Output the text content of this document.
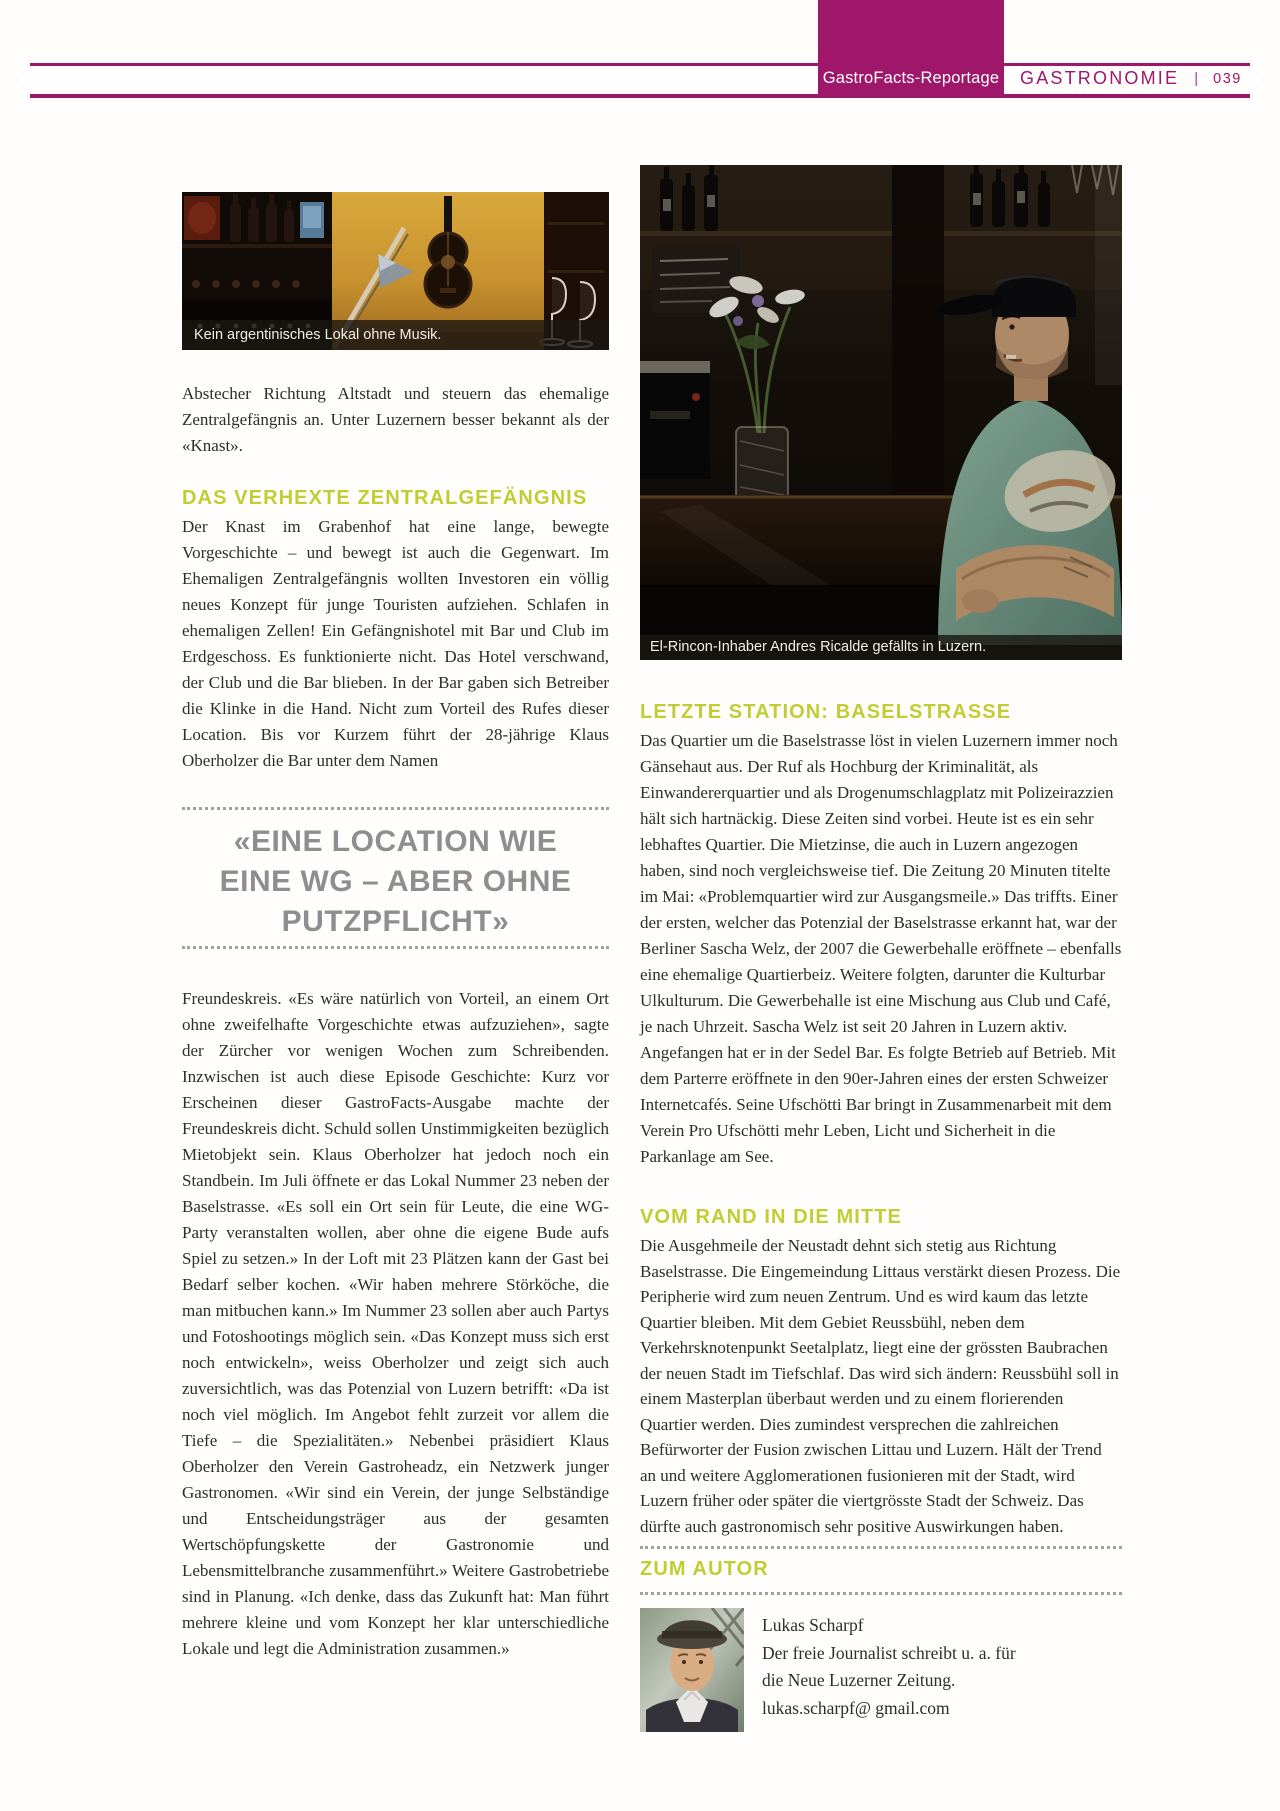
GastroFacts-Reportage GASTRONOMIE | 039
Kein argentinisches Lokal ohne Musik.
Abstecher Richtung Altstadt und steuern das ehemalige Zentralgefängnis an. Unter Luzernern besser bekannt als der «Knast».
DAS VERHEXTE ZENTRALGEFÄNGNIS
Der Knast im Grabenhof hat eine lange, bewegte Vorgeschichte – und bewegt ist auch die Gegenwart. Im Ehemaligen Zentralgefängnis wollten Investoren ein völlig neues Konzept für junge Touristen aufziehen. Schlafen in ehemaligen Zellen! Ein Gefängnishotel mit Bar und Club im Erdgeschoss. Es funktionierte nicht. Das Hotel verschwand, der Club und die Bar blieben. In der Bar gaben sich Betreiber die Klinke in die Hand. Nicht zum Vorteil des Rufes dieser Location. Bis vor Kurzem führt der 28-jährige Klaus Oberholzer die Bar unter dem Namen
«EINE LOCATION WIE
EINE WG – ABER OHNE
PUTZPFLICHT»
Freundeskreis. «Es wäre natürlich von Vorteil, an einem Ort ohne zweifelhafte Vorgeschichte etwas aufzuziehen», sagte der Zürcher vor wenigen Wochen zum Schreibenden. Inzwischen ist auch diese Episode Geschichte: Kurz vor Erscheinen dieser GastroFacts-Ausgabe machte der Freundeskreis dicht. Schuld sollen Unstimmigkeiten bezüglich Mietobjekt sein. Klaus Oberholzer hat jedoch noch ein Standbein. Im Juli öffnete er das Lokal Nummer 23 neben der Baselstrasse. «Es soll ein Ort sein für Leute, die eine WG-Party veranstalten wollen, aber ohne die eigene Bude aufs Spiel zu setzen.» In der Loft mit 23 Plätzen kann der Gast bei Bedarf selber kochen. «Wir haben mehrere Störköche, die man mitbuchen kann.» Im Nummer 23 sollen aber auch Partys und Fotoshootings möglich sein. «Das Konzept muss sich erst noch entwickeln», weiss Oberholzer und zeigt sich auch zuversichtlich, was das Potenzial von Luzern betrifft: «Da ist noch viel möglich. Im Angebot fehlt zurzeit vor allem die Tiefe – die Spezialitäten.» Nebenbei präsidiert Klaus Oberholzer den Verein Gastroheadz, ein Netzwerk junger Gastronomen. «Wir sind ein Verein, der junge Selbständige und Entscheidungsträger aus der gesamten Wertschöpfungskette der Gastronomie und Lebensmittelbranche zusammenführt.» Weitere Gastrobetriebe sind in Planung. «Ich denke, dass das Zukunft hat: Man führt mehrere kleine und vom Konzept her klar unterschiedliche Lokale und legt die Administration zusammen.»
El-Rincon-Inhaber Andres Ricalde gefällts in Luzern.
LETZTE STATION: BASELSTRASSE
Das Quartier um die Baselstrasse löst in vielen Luzernern immer noch Gänsehaut aus. Der Ruf als Hochburg der Kriminalität, als Einwandererquartier und als Drogenumschlagplatz mit Polizeirazzien hält sich hartnäckig. Diese Zeiten sind vorbei. Heute ist es ein sehr lebhaftes Quartier. Die Mietzinse, die auch in Luzern angezogen haben, sind noch vergleichsweise tief. Die Zeitung 20 Minuten titelte im Mai: «Problemquartier wird zur Ausgangsmeile.» Das triffts. Einer der ersten, welcher das Potenzial der Baselstrasse erkannt hat, war der Berliner Sascha Welz, der 2007 die Gewerbehalle eröffnete – ebenfalls eine ehemalige Quartierbeiz. Weitere folgten, darunter die Kulturbar Ulkulturum. Die Gewerbehalle ist eine Mischung aus Club und Café, je nach Uhrzeit. Sascha Welz ist seit 20 Jahren in Luzern aktiv. Angefangen hat er in der Sedel Bar. Es folgte Betrieb auf Betrieb. Mit dem Parterre eröffnete in den 90er-Jahren eines der ersten Schweizer Internetcafés. Seine Ufschötti Bar bringt in Zusammenarbeit mit dem Verein Pro Ufschötti mehr Leben, Licht und Sicherheit in die Parkanlage am See.
VOM RAND IN DIE MITTE
Die Ausgehmeile der Neustadt dehnt sich stetig aus Richtung Baselstrasse. Die Eingemeindung Littaus verstärkt diesen Prozess. Die Peripherie wird zum neuen Zentrum. Und es wird kaum das letzte Quartier bleiben. Mit dem Gebiet Reussbühl, neben dem Verkehrsknotenpunkt Seetalplatz, liegt eine der grössten Baubrachen der neuen Stadt im Tiefschlaf. Das wird sich ändern: Reussbühl soll in einem Masterplan überbaut werden und zu einem florierenden Quartier werden. Dies zumindest versprechen die zahlreichen Befürworter der Fusion zwischen Littau und Luzern. Hält der Trend an und weitere Agglomerationen fusionieren mit der Stadt, wird Luzern früher oder später die viertgrösste Stadt der Schweiz. Das dürfte auch gastronomisch sehr positive Auswirkungen haben.
ZUM AUTOR
Lukas Scharpf
Der freie Journalist schreibt u. a. für
die Neue Luzerner Zeitung.
lukas.scharpf@ gmail.com
